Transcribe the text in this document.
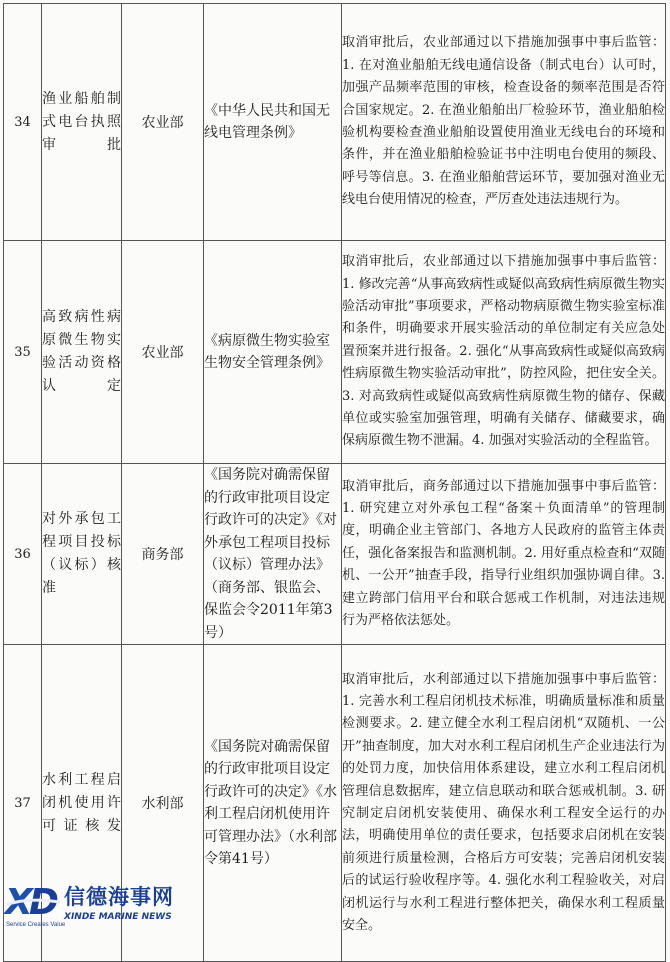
34	渔业船舶制式电台执照审批	农业部	《中华人民共和国无线电管理条例》	取消审批后，农业部通过以下措施加强事中事后监管：1. 在对渔业船舶无线电通信设备（制式电台）认可时，加强产品频率范围的审核，检查设备的频率范围是否符合国家规定。2. 在渔业船舶出厂检验环节，渔业船舶检验机构要检查渔业船舶设置使用渔业无线电台的环境和条件，并在渔业船舶检验证书中注明电台使用的频段、呼号等信息。3. 在渔业船舶营运环节，要加强对渔业无线电台使用情况的检查，严厉查处违法违规行为。
35	高致病性病原微生物实验活动资格认定	农业部	《病原微生物实验室生物安全管理条例》	取消审批后，农业部通过以下措施加强事中事后监管：1. 修改完善“从事高致病性或疑似高致病性病原微生物实验活动审批”事项要求，严格动物病原微生物实验室标准和条件，明确要求开展实验活动的单位制定有关应急处置预案并进行报备。2. 强化“从事高致病性或疑似高致病性病原微生物实验活动审批”，防控风险，把住安全关。3. 对高致病性或疑似高致病性病原微生物的储存、保藏单位或实验室加强管理，明确有关储存、储藏要求，确保病原微生物不泄漏。4. 加强对实验活动的全程监管。
36	对外承包工程项目投标（议标）核准	商务部	《国务院对确需保留的行政审批项目设定行政许可的决定》《对外承包工程项目投标（议标）管理办法》（商务部、银监会、保监会令2011年第3号）	取消审批后，商务部通过以下措施加强事中事后监管：1. 研究建立对外承包工程“备案＋负面清单”的管理制度，明确企业主管部门、各地方人民政府的监管主体责任，强化备案报告和监测机制。2. 用好重点检查和“双随机、一公开”抽查手段，指导行业组织加强协调自律。3. 建立跨部门信用平台和联合惩戒工作机制，对违法违规行为严格依法惩处。
37	水利工程启闭机使用许可证核发	水利部	《国务院对确需保留的行政审批项目设定行政许可的决定》《水利工程启闭机使用许可管理办法》（水利部令第41号）	取消审批后，水利部通过以下措施加强事中事后监管：1. 完善水利工程启闭机技术标准，明确质量标准和质量检测要求。2. 建立健全水利工程启闭机“双随机、一公开”抽查制度，加大对水利工程启闭机生产企业违法行为的处罚力度，加快信用体系建设，建立水利工程启闭机管理信息数据库，建立信息联动和联合惩戒机制。3. 研究制定启闭机安装使用、确保水利工程安全运行的办法，明确使用单位的责任要求，包括要求启闭机在安装前须进行质量检测，合格后方可安装；完善启闭机安装后的试运行验收程序等。4. 强化水利工程验收关，对启闭机运行与水利工程进行整体把关，确保水利工程质量安全。
X
D 信德海事网
XINDE MARINE NEWS
Service Creates Value
